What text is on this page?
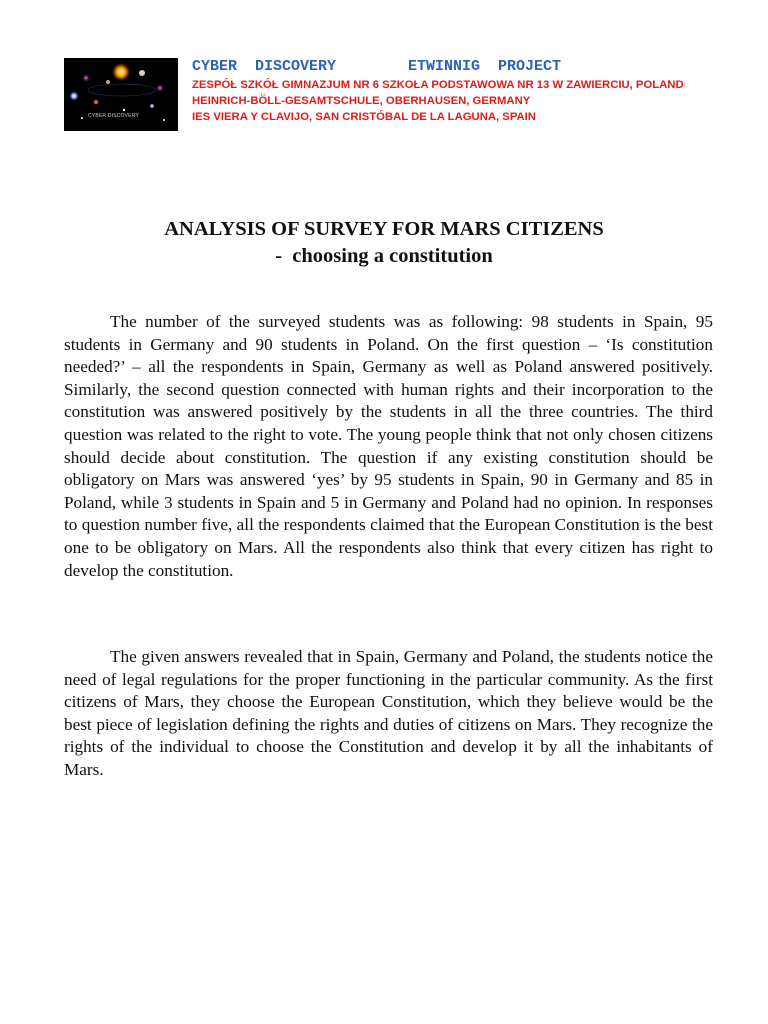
CYBER DISCOVERY
CYBER  DISCOVERY        ETWINNIG  PROJECT
ZESPÓŁ SZKÓŁ GIMNAZJUM NR 6 SZKOŁA PODSTAWOWA NR 13 W ZAWIERCIU, POLAND
HEINRICH-BÖLL-GESAMTSCHULE, OBERHAUSEN, GERMANY
IES VIERA Y CLAVIJO, SAN CRISTÓBAL DE LA LAGUNA, SPAIN
ANALYSIS OF SURVEY FOR MARS CITIZENS
-  choosing a constitution

The number of the surveyed students was as following: 98 students in Spain, 95 students in Germany and 90 students in Poland. On the first question – ‘Is constitution needed?’ – all the respondents in Spain, Germany as well as Poland answered positively. Similarly, the second question connected with human rights and their incorporation to the constitution was answered positively by the students in all the three countries. The third question was related to the right to vote. The young people think that not only chosen citizens should decide about constitution. The question if any existing constitution should be obligatory on Mars was answered ‘yes’ by 95 students in Spain, 90 in Germany and 85 in Poland, while 3 students in Spain and 5 in Germany and Poland had no opinion. In responses to question number five, all the respondents claimed that the European Constitution is the best one to be obligatory on Mars. All the respondents also think that every citizen has right to develop the constitution.

The given answers revealed that in Spain, Germany and Poland, the students notice the need of legal regulations for the proper functioning in the particular community. As the first citizens of Mars, they choose the European Constitution, which they believe would be the best piece of legislation defining the rights and duties of citizens on Mars. They recognize the rights of the individual to choose the Constitution and develop it by all the inhabitants of Mars.
